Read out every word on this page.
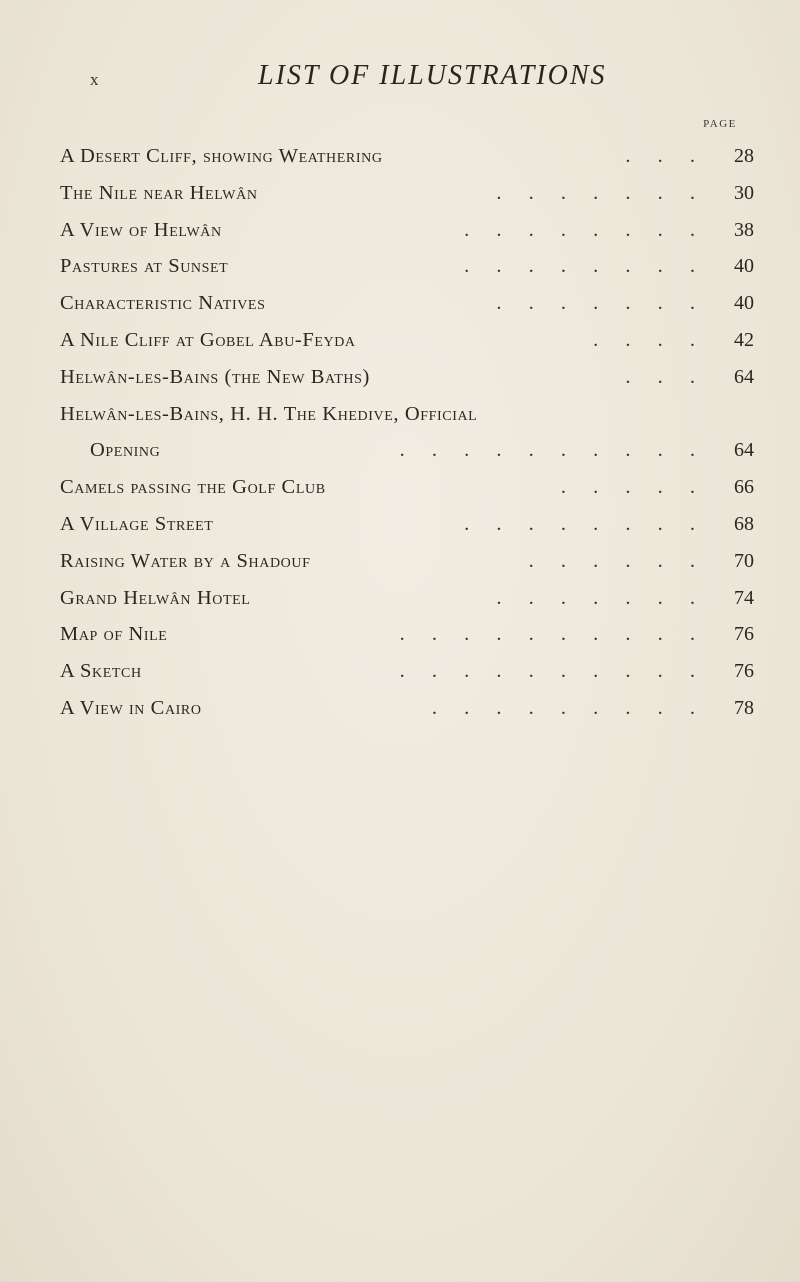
x	LIST OF ILLUSTRATIONS
PAGE
A Desert Cliff, showing Weathering	. . .	28
The Nile near Helwân	. . . . . . .	30
A View of Helwân	. . . . . . . .	38
Pastures at Sunset	. . . . . . . .	40
Characteristic Natives	. . . . . . .	40
A Nile Cliff at Gobel Abu-Feyda	. . . .	42
Helwân-les-Bains (the New Baths)	. . .	64
Helwân-les-Bains, H. H. The Khedive, Official
Opening	. . . . . . . . . .	64
Camels passing the Golf Club	. . . . .	66
A Village Street	. . . . . . . .	68
Raising Water by a Shadouf	. . . . . .	70
Grand Helwân Hotel	. . . . . . .	74
Map of Nile	. . . . . . . . . .	76
A Sketch	. . . . . . . . . .	76
A View in Cairo	. . . . . . . . .	78
